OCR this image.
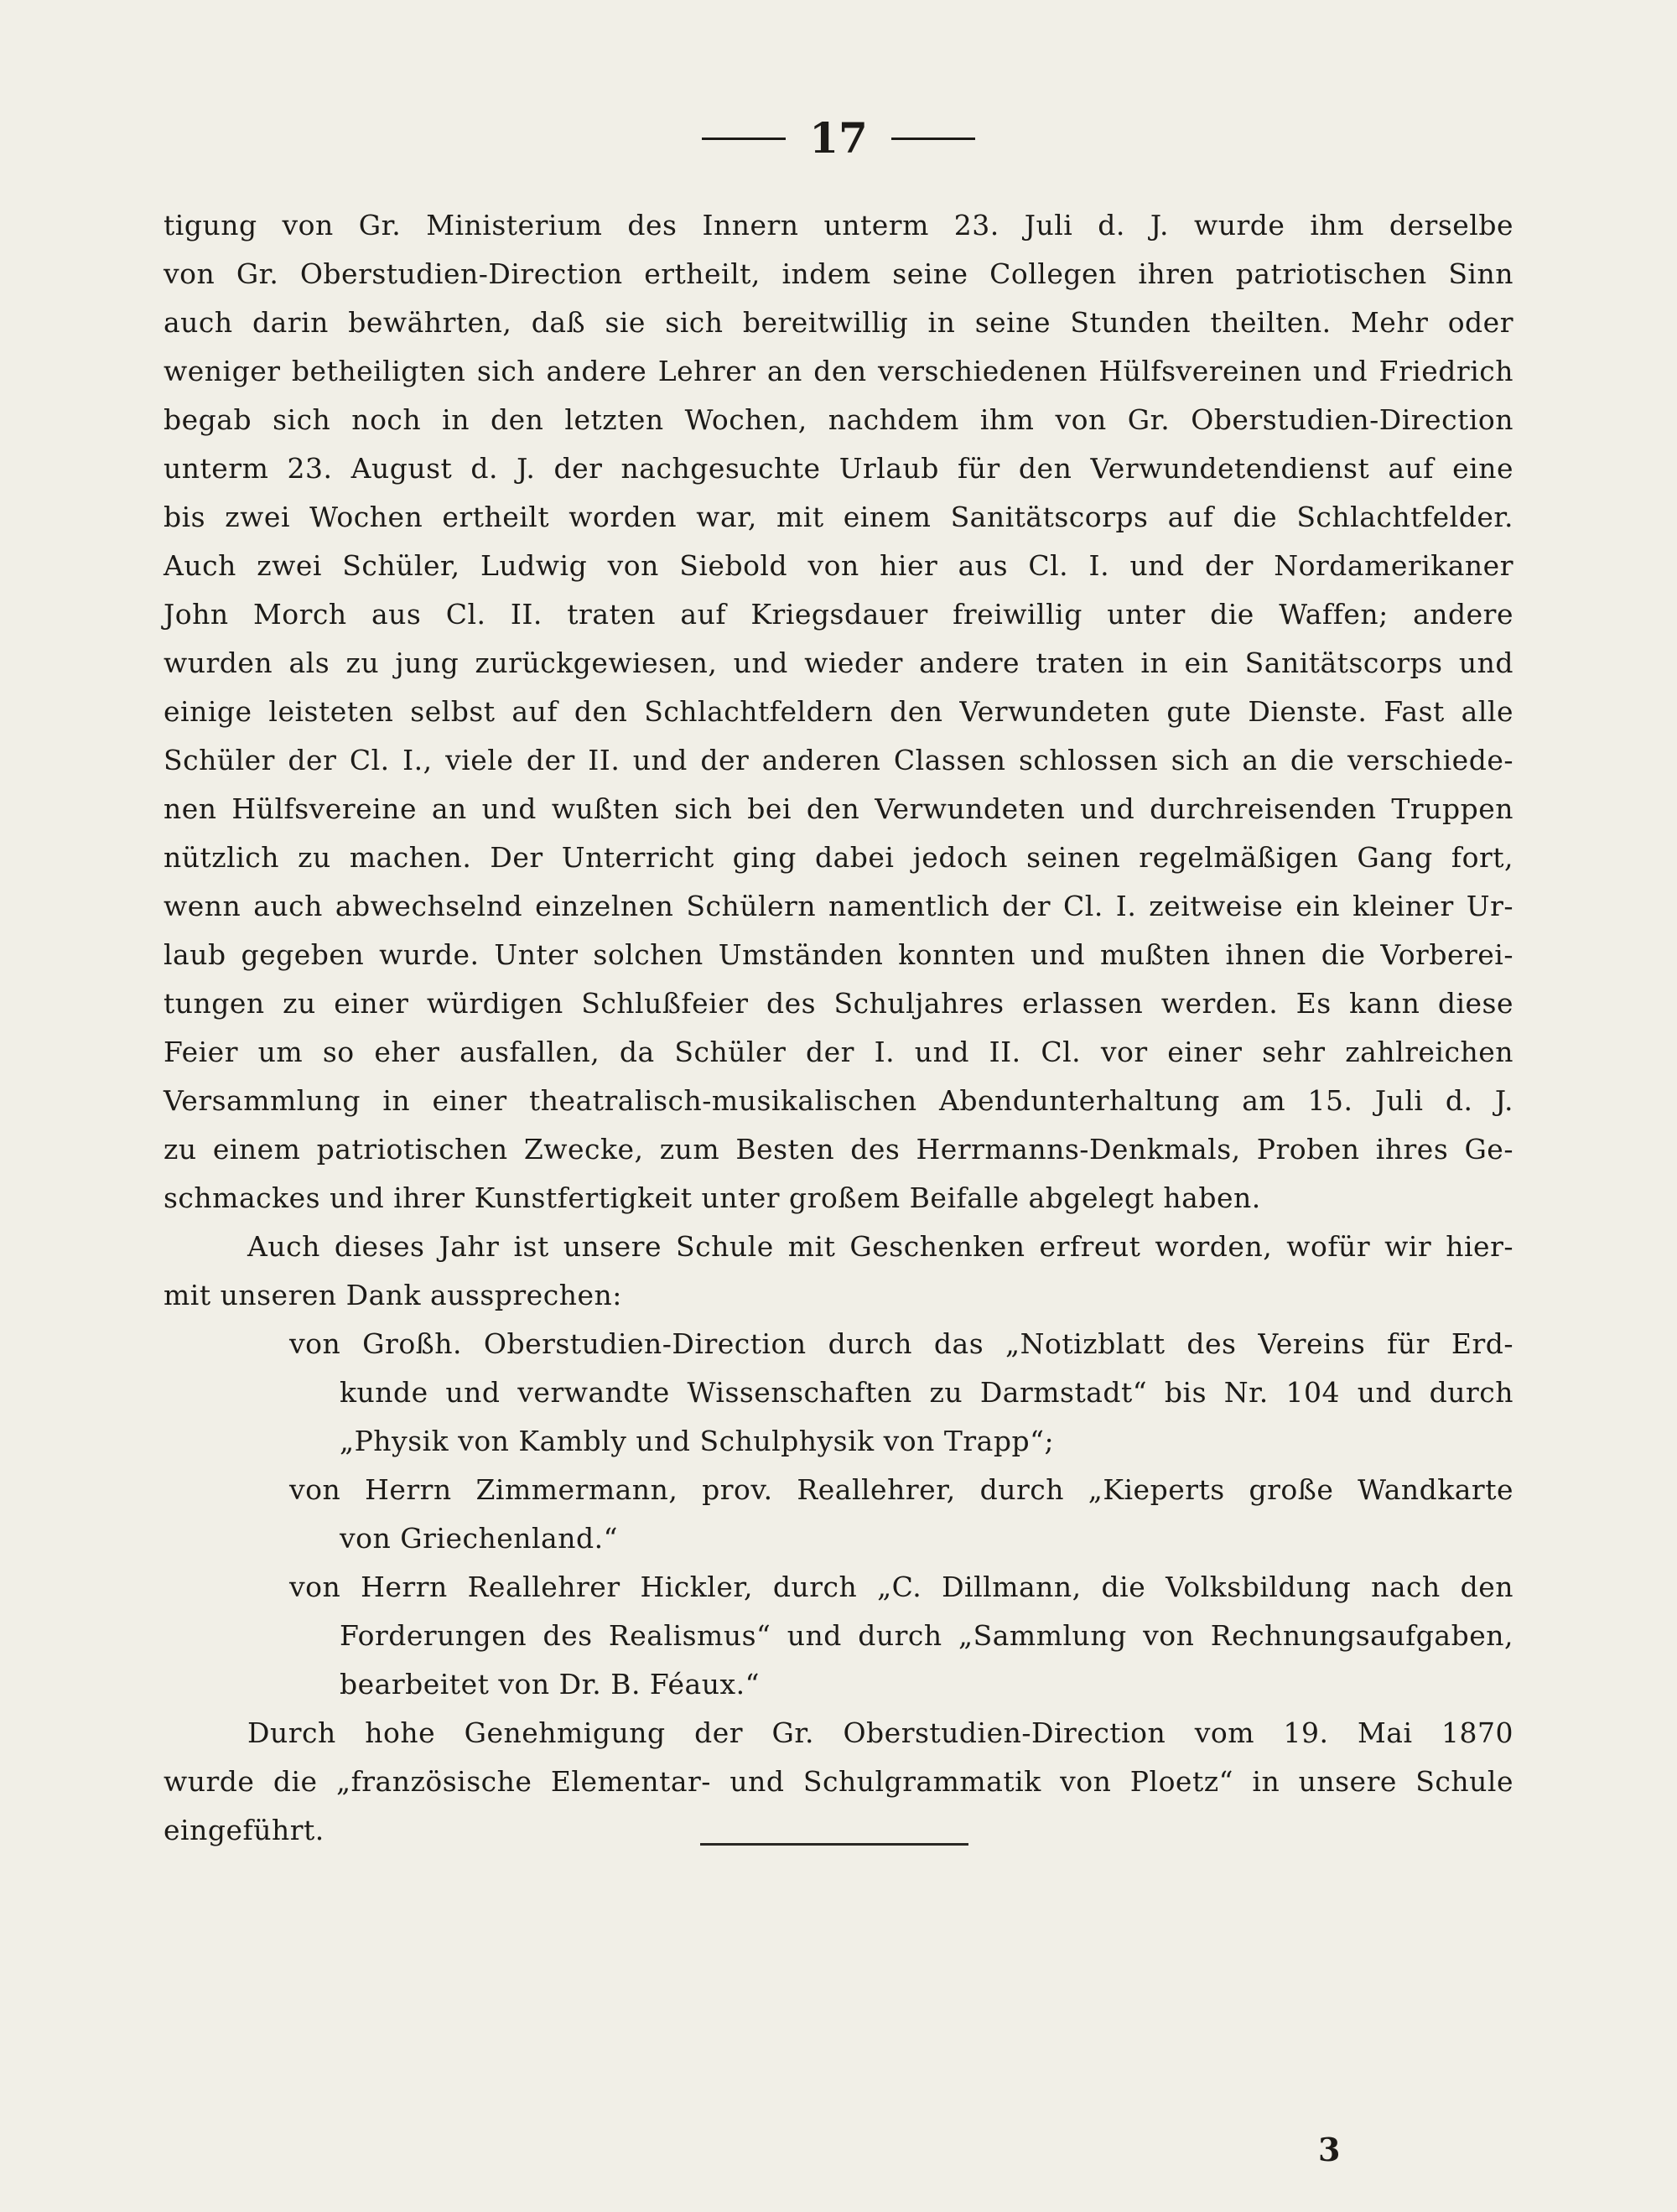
17
tigung von Gr. Ministerium des Innern unterm 23. Juli d. J. wurde ihm derselbe
von Gr. Oberstudien-Direction ertheilt, indem seine Collegen ihren patriotischen Sinn
auch darin bewährten, daß sie sich bereitwillig in seine Stunden theilten. Mehr oder
weniger betheiligten sich andere Lehrer an den verschiedenen Hülfsvereinen und Friedrich
begab sich noch in den letzten Wochen, nachdem ihm von Gr. Oberstudien-Direction
unterm 23. August d. J. der nachgesuchte Urlaub für den Verwundetendienst auf eine
bis zwei Wochen ertheilt worden war, mit einem Sanitätscorps auf die Schlachtfelder.
Auch zwei Schüler, Ludwig von Siebold von hier aus Cl. I. und der Nordamerikaner
John Morch aus Cl. II. traten auf Kriegsdauer freiwillig unter die Waffen; andere
wurden als zu jung zurückgewiesen, und wieder andere traten in ein Sanitätscorps und
einige leisteten selbst auf den Schlachtfeldern den Verwundeten gute Dienste. Fast alle
Schüler der Cl. I., viele der II. und der anderen Classen schlossen sich an die verschiede-
nen Hülfsvereine an und wußten sich bei den Verwundeten und durchreisenden Truppen
nützlich zu machen. Der Unterricht ging dabei jedoch seinen regelmäßigen Gang fort,
wenn auch abwechselnd einzelnen Schülern namentlich der Cl. I. zeitweise ein kleiner Ur-
laub gegeben wurde. Unter solchen Umständen konnten und mußten ihnen die Vorberei-
tungen zu einer würdigen Schlußfeier des Schuljahres erlassen werden. Es kann diese
Feier um so eher ausfallen, da Schüler der I. und II. Cl. vor einer sehr zahlreichen
Versammlung in einer theatralisch-musikalischen Abendunterhaltung am 15. Juli d. J.
zu einem patriotischen Zwecke, zum Besten des Herrmanns-Denkmals, Proben ihres Ge-
schmackes und ihrer Kunstfertigkeit unter großem Beifalle abgelegt haben.
Auch dieses Jahr ist unsere Schule mit Geschenken erfreut worden, wofür wir hier-
mit unseren Dank aussprechen:
von Großh. Oberstudien-Direction durch das „Notizblatt des Vereins für Erd-
kunde und verwandte Wissenschaften zu Darmstadt“ bis Nr. 104 und durch
„Physik von Kambly und Schulphysik von Trapp“;
von Herrn Zimmermann, prov. Reallehrer, durch „Kieperts große Wandkarte
von Griechenland.“
von Herrn Reallehrer Hickler, durch „C. Dillmann, die Volksbildung nach den
Forderungen des Realismus“ und durch „Sammlung von Rechnungsaufgaben,
bearbeitet von Dr. B. Féaux.“
Durch hohe Genehmigung der Gr. Oberstudien-Direction vom 19. Mai 1870
wurde die „französische Elementar- und Schulgrammatik von Ploetz“ in unsere Schule
eingeführt.
3
